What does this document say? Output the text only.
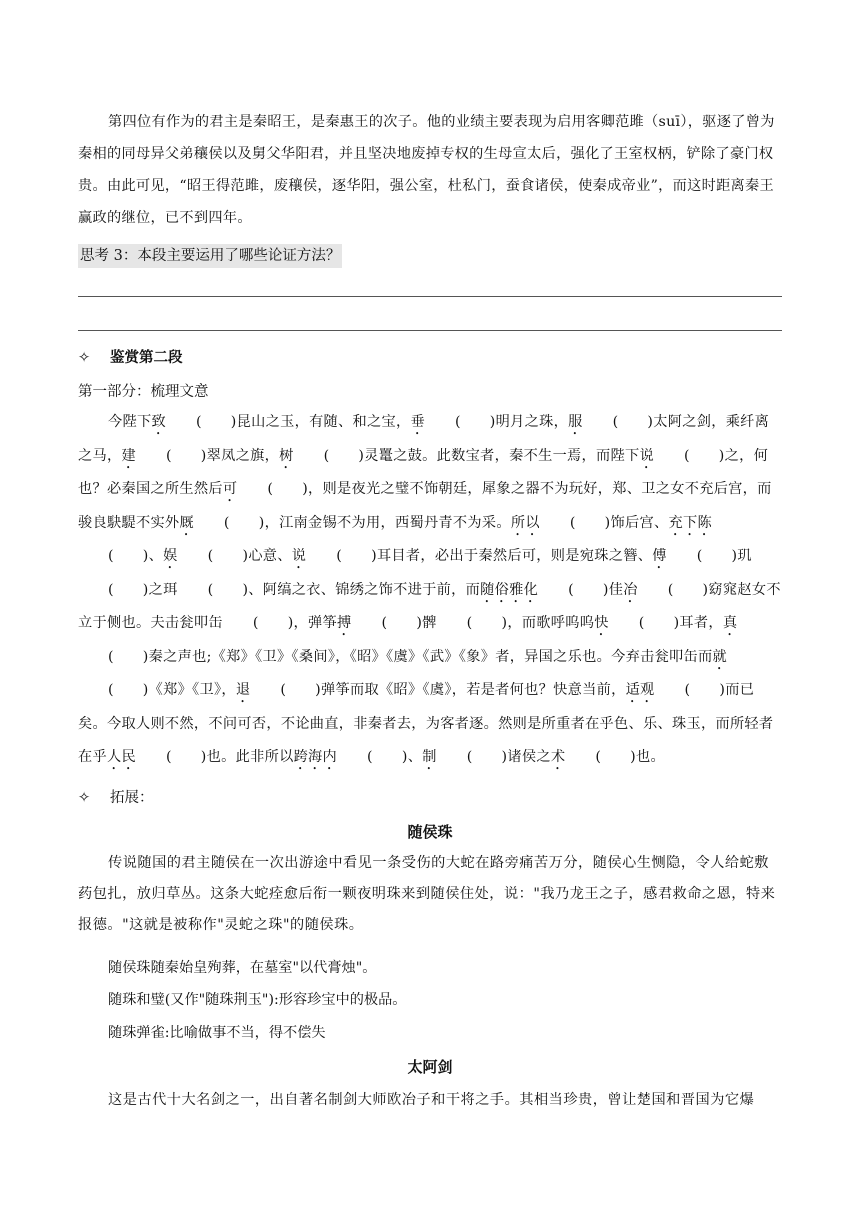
第四位有作为的君主是秦昭王，是秦惠王的次子。他的业绩主要表现为启用客卿范雎（suī），驱逐了曾为秦相的同母异父弟穰侯以及舅父华阳君，并且坚决地废掉专权的生母宣太后，强化了王室权柄，铲除了豪门权贵。由此可见，“昭王得范雎，废穰侯，逐华阳，强公室，杜私门，蚕食诸侯，使秦成帝业”，而这时距离秦王赢政的继位，已不到四年。
思考 3：本段主要运用了哪些论证方法？
✧ 鉴赏第二段
第一部分：梳理文意
今陛下致 (　　)昆山之玉，有随、和之宝，垂 (　　)明月之珠，服 (　　)太阿之剑，乘纤离之马，建 (　　)翠凤之旗，树 (　　)灵鼍之鼓。此数宝者，秦不生一焉，而陛下说 (　　)之，何也？必秦国之所生然后可 (　　)，则是夜光之璧不饰朝廷，犀象之器不为玩好，郑、卫之女不充后宫，而骏良駃騠不实外厩 (　　)，江南金锡不为用，西蜀丹青不为采。所以 (　　)饰后宫、充下陈(　　)、娱 (　　)心意、说 (　　)耳目者，必出于秦然后可，则是宛珠之簪、傅 (　　)玑(　　)之珥 (　　)、阿缟之衣、锦绣之饰不进于前，而随俗雅化 (　　)佳冶 (　　)窈窕赵女不立于侧也。夫击瓮叩缶 (　　)，弹筝搏 (　　)髀 (　　)，而歌呼呜呜快 (　　)耳者，真(　　)秦之声也;《郑》《卫》《桑间》，《昭》《虞》《武》《象》者，异国之乐也。今弃击瓮叩缶而就(　　)《郑》《卫》，退 (　　)弹筝而取《昭》《虞》，若是者何也？快意当前，适观 (　　)而已矣。今取人则不然，不问可否，不论曲直，非秦者去，为客者逐。然则是所重者在乎色、乐、珠玉，而所轻者在乎人民 (　　)也。此非所以跨海内 (　　)、制 (　　)诸侯之术 (　　)也。
✧ 拓展：
随侯珠
传说随国的君主随侯在一次出游途中看见一条受伤的大蛇在路旁痛苦万分，随侯心生恻隐，令人给蛇敷药包扎，放归草丛。这条大蛇痊愈后衔一颗夜明珠来到随侯住处，说："我乃龙王之子，感君救命之恩，特来报德。"这就是被称作"灵蛇之珠"的随侯珠。
随侯珠随秦始皇殉葬，在墓室"以代膏烛"。
随珠和璧(又作"随珠荆玉"):形容珍宝中的极品。
随珠弹雀:比喻做事不当，得不偿失
太阿剑
这是古代十大名剑之一，出自著名制剑大师欧冶子和干将之手。其相当珍贵，曾让楚国和晋国为它爆
